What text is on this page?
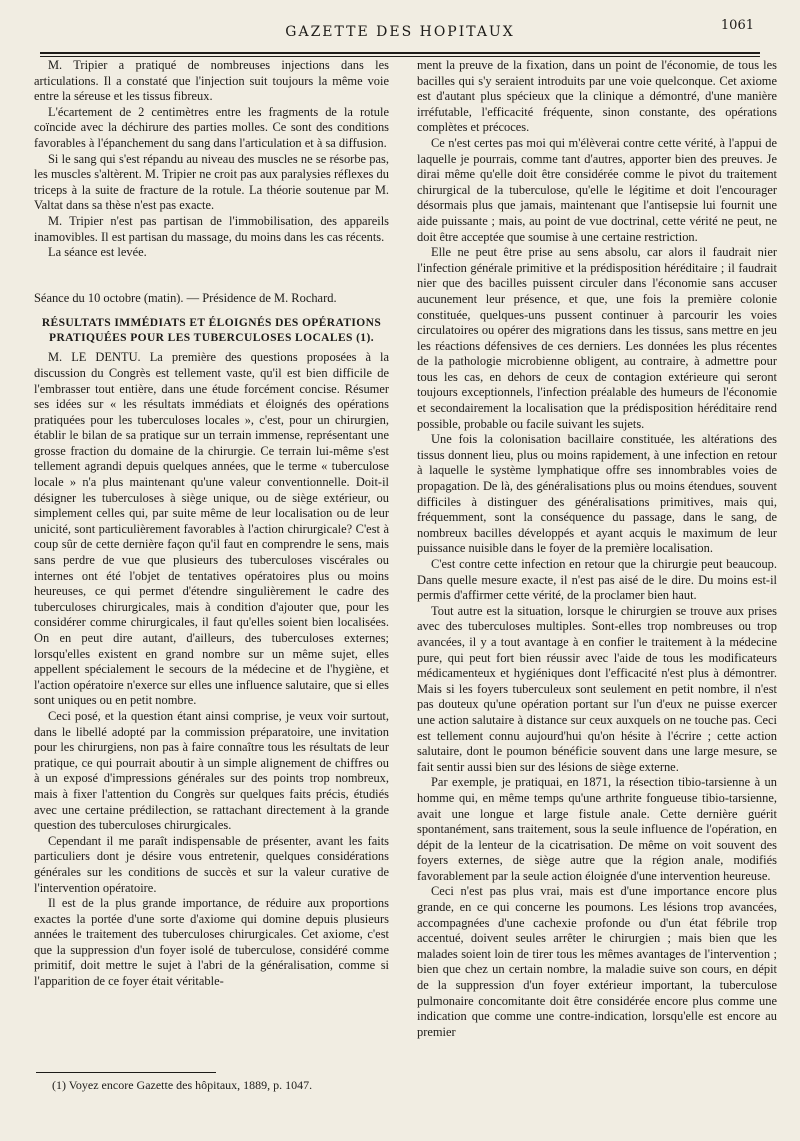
GAZETTE DES HOPITAUX	1061

M. Tripier a pratiqué de nombreuses injections dans les articulations. Il a constaté que l'injection suit toujours la même voie entre la séreuse et les tissus fibreux.

L'écartement de 2 centimètres entre les fragments de la rotule coïncide avec la déchirure des parties molles. Ce sont des conditions favorables à l'épanchement du sang dans l'articulation et à sa diffusion.

Si le sang qui s'est répandu au niveau des muscles ne se résorbe pas, les muscles s'altèrent. M. Tripier ne croit pas aux paralysies réflexes du triceps à la suite de fracture de la rotule. La théorie soutenue par M. Valtat dans sa thèse n'est pas exacte.

M. Tripier n'est pas partisan de l'immobilisation, des appareils inamovibles. Il est partisan du massage, du moins dans les cas récents.

La séance est levée.

Séance du 10 octobre (matin). — Présidence de M. Rochard.

RÉSULTATS IMMÉDIATS ET ÉLOIGNÉS DES OPÉRATIONS PRATIQUÉES POUR LES TUBERCULOSES LOCALES (1).

M. LE DENTU. La première des questions proposées à la discussion du Congrès est tellement vaste, qu'il est bien difficile de l'embrasser tout entière, dans une étude forcément concise. Résumer ses idées sur « les résultats immédiats et éloignés des opérations pratiquées pour les tuberculoses locales », c'est, pour un chirurgien, établir le bilan de sa pratique sur un terrain immense, représentant une grosse fraction du domaine de la chirurgie. Ce terrain lui-même s'est tellement agrandi depuis quelques années, que le terme « tuberculose locale » n'a plus maintenant qu'une valeur conventionnelle. Doit-il désigner les tuberculoses à siège unique, ou de siège extérieur, ou simplement celles qui, par suite même de leur localisation ou de leur unicité, sont particulièrement favorables à l'action chirurgicale? C'est à coup sûr de cette dernière façon qu'il faut en comprendre le sens, mais sans perdre de vue que plusieurs des tuberculoses viscérales ou internes ont été l'objet de tentatives opératoires plus ou moins heureuses, ce qui permet d'étendre singulièrement le cadre des tuberculoses chirurgicales, mais à condition d'ajouter que, pour les considérer comme chirurgicales, il faut qu'elles soient bien localisées. On en peut dire autant, d'ailleurs, des tuberculoses externes; lorsqu'elles existent en grand nombre sur un même sujet, elles appellent spécialement le secours de la médecine et de l'hygiène, et l'action opératoire n'exerce sur elles une influence salutaire, que si elles sont uniques ou en petit nombre.

Ceci posé, et la question étant ainsi comprise, je veux voir surtout, dans le libellé adopté par la commission préparatoire, une invitation pour les chirurgiens, non pas à faire connaître tous les résultats de leur pratique, ce qui pourrait aboutir à un simple alignement de chiffres ou à un exposé d'impressions générales sur des points trop nombreux, mais à fixer l'attention du Congrès sur quelques faits précis, étudiés avec une certaine prédilection, se rattachant directement à la grande question des tuberculoses chirurgicales.

Cependant il me paraît indispensable de présenter, avant les faits particuliers dont je désire vous entretenir, quelques considérations générales sur les conditions de succès et sur la valeur curative de l'intervention opératoire.

Il est de la plus grande importance, de réduire aux proportions exactes la portée d'une sorte d'axiome qui domine depuis plusieurs années le traitement des tuberculoses chirurgicales. Cet axiome, c'est que la suppression d'un foyer isolé de tuberculose, considéré comme primitif, doit mettre le sujet à l'abri de la généralisation, comme si l'apparition de ce foyer était véritable-

ment la preuve de la fixation, dans un point de l'économie, de tous les bacilles qui s'y seraient introduits par une voie quelconque. Cet axiome est d'autant plus spécieux que la clinique a démontré, d'une manière irréfutable, l'efficacité fréquente, sinon constante, des opérations complètes et précoces.

Ce n'est certes pas moi qui m'élèverai contre cette vérité, à l'appui de laquelle je pourrais, comme tant d'autres, apporter bien des preuves. Je dirai même qu'elle doit être considérée comme le pivot du traitement chirurgical de la tuberculose, qu'elle le légitime et doit l'encourager désormais plus que jamais, maintenant que l'antisepsie lui fournit une aide puissante ; mais, au point de vue doctrinal, cette vérité ne peut, ne doit être acceptée que soumise à une certaine restriction.

Elle ne peut être prise au sens absolu, car alors il faudrait nier l'infection générale primitive et la prédisposition héréditaire ; il faudrait nier que des bacilles puissent circuler dans l'économie sans accuser aucunement leur présence, et que, une fois la première colonie constituée, quelques-uns pussent continuer à parcourir les voies circulatoires ou opérer des migrations dans les tissus, sans mettre en jeu les réactions défensives de ces derniers. Les données les plus récentes de la pathologie microbienne obligent, au contraire, à admettre pour tous les cas, en dehors de ceux de contagion extérieure qui seront toujours exceptionnels, l'infection préalable des humeurs de l'économie et secondairement la localisation que la prédisposition héréditaire rend possible, probable ou facile suivant les sujets.

Une fois la colonisation bacillaire constituée, les altérations des tissus donnent lieu, plus ou moins rapidement, à une infection en retour à laquelle le système lymphatique offre ses innombrables voies de propagation. De là, des généralisations plus ou moins étendues, souvent difficiles à distinguer des généralisations primitives, mais qui, fréquemment, sont la conséquence du passage, dans le sang, de nombreux bacilles développés et ayant acquis le maximum de leur puissance nuisible dans le foyer de la première localisation.

C'est contre cette infection en retour que la chirurgie peut beaucoup. Dans quelle mesure exacte, il n'est pas aisé de le dire. Du moins est-il permis d'affirmer cette vérité, de la proclamer bien haut.

Tout autre est la situation, lorsque le chirurgien se trouve aux prises avec des tuberculoses multiples. Sont-elles trop nombreuses ou trop avancées, il y a tout avantage à en confier le traitement à la médecine pure, qui peut fort bien réussir avec l'aide de tous les modificateurs médicamenteux et hygiéniques dont l'efficacité n'est plus à démontrer. Mais si les foyers tuberculeux sont seulement en petit nombre, il n'est pas douteux qu'une opération portant sur l'un d'eux ne puisse exercer une action salutaire à distance sur ceux auxquels on ne touche pas. Ceci est tellement connu aujourd'hui qu'on hésite à l'écrire ; cette action salutaire, dont le poumon bénéficie souvent dans une large mesure, se fait sentir aussi bien sur des lésions de siège externe.

Par exemple, je pratiquai, en 1871, la résection tibio-tarsienne à un homme qui, en même temps qu'une arthrite fongueuse tibio-tarsienne, avait une longue et large fistule anale. Cette dernière guérit spontanément, sans traitement, sous la seule influence de l'opération, en dépit de la lenteur de la cicatrisation. De même on voit souvent des foyers externes, de siège autre que la région anale, modifiés favorablement par la seule action éloignée d'une intervention heureuse.

Ceci n'est pas plus vrai, mais est d'une importance encore plus grande, en ce qui concerne les poumons. Les lésions trop avancées, accompagnées d'une cachexie profonde ou d'un état fébrile trop accentué, doivent seules arrêter le chirurgien ; mais bien que les malades soient loin de tirer tous les mêmes avantages de l'intervention ; bien que chez un certain nombre, la maladie suive son cours, en dépit de la suppression d'un foyer extérieur important, la tuberculose pulmonaire concomitante doit être considérée encore plus comme une indication que comme une contre-indication, lorsqu'elle est encore au premier

(1) Voyez encore Gazette des hôpitaux, 1889, p. 1047.
